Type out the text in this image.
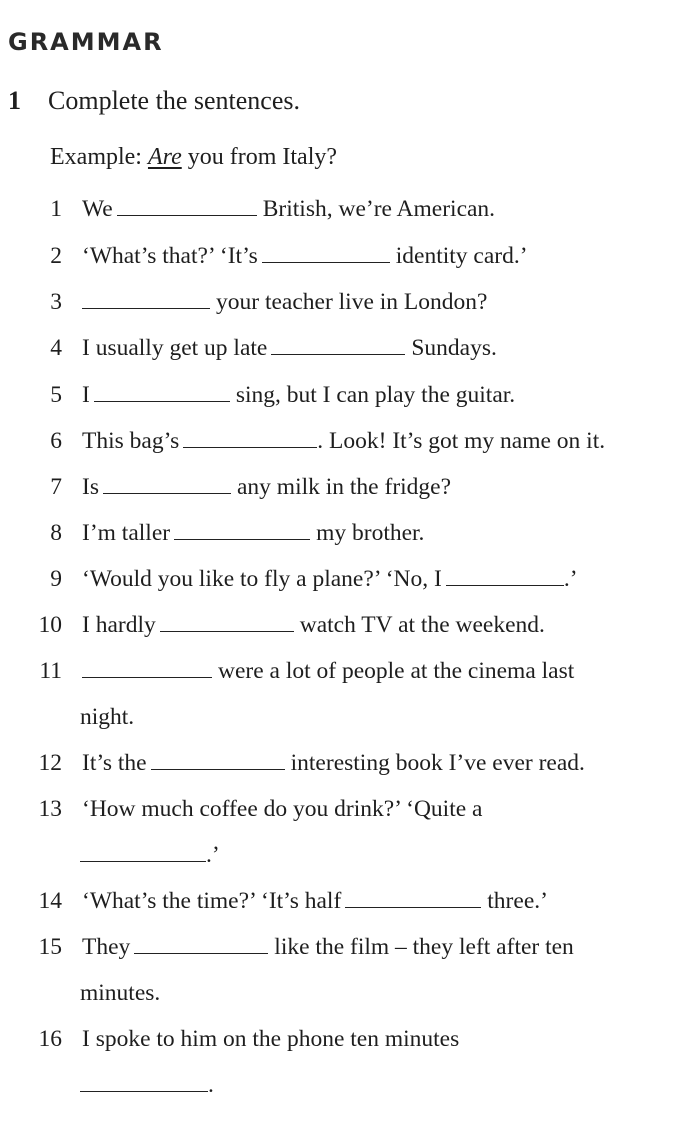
GRAMMAR
1 Complete the sentences.
Example: Are you from Italy?
1 We	British, we’re American.
2 ‘What’s that?’ ‘It’s	identity card.’
3	your teacher live in London?
4 I usually get up late	Sundays.
5 I	sing, but I can play the guitar.
6 This bag’s	. Look! It’s got my name on it.
7 Is	any milk in the fridge?
8 I’m taller	my brother.
9 ‘Would you like to fly a plane?’ ‘No, I	.’
10 I hardly	watch TV at the weekend.
11	were a lot of people at the cinema last
night.
12 It’s the	interesting book I’ve ever read.
13 ‘How much coffee do you drink?’ ‘Quite a
.’
14 ‘What’s the time?’ ‘It’s half	three.’
15 They	like the film – they left after ten
minutes.
16 I spoke to him on the phone ten minutes
.
